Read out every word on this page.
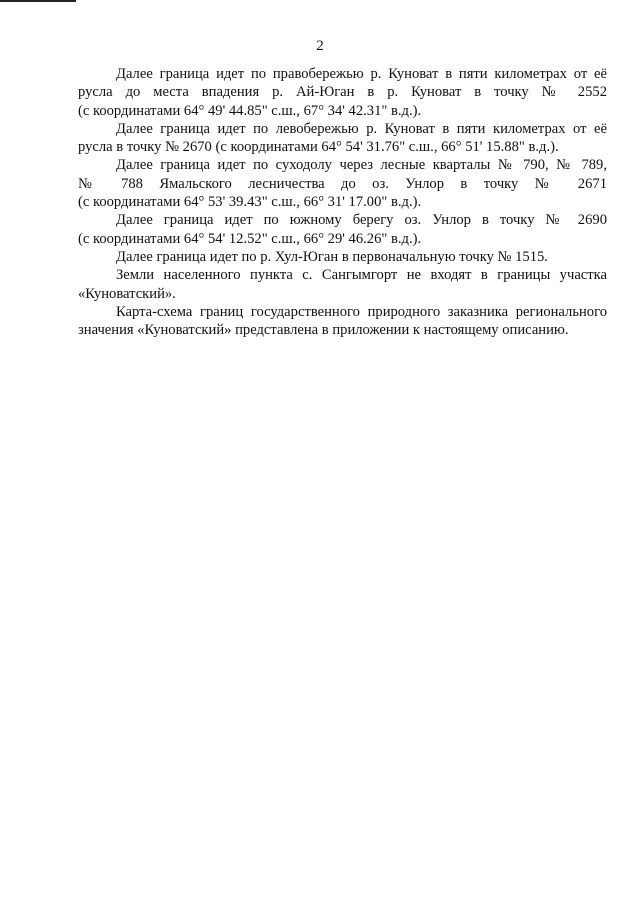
2

Далее граница идет по правобережью р. Куноват в пяти километрах от её
русла до места впадения р. Ай-Юган в р. Куноват в точку № 2552
(с координатами 64° 49' 44.85" с.ш., 67° 34' 42.31" в.д.).

Далее граница идет по левобережью р. Куноват в пяти километрах от её
русла в точку № 2670 (с координатами 64° 54' 31.76" с.ш., 66° 51' 15.88" в.д.).

Далее граница идет по суходолу через лесные кварталы № 790, № 789,
№ 788 Ямальского лесничества до оз. Унлор в точку № 2671
(с координатами 64° 53' 39.43" с.ш., 66° 31' 17.00" в.д.).

Далее граница идет по южному берегу оз. Унлор в точку № 2690
(с координатами 64° 54' 12.52" с.ш., 66° 29' 46.26" в.д.).

Далее граница идет по р. Хул-Юган в первоначальную точку № 1515.

Земли населенного пункта с. Сангымгорт не входят в границы участка
«Куноватский».

Карта-схема границ государственного природного заказника регионального
значения «Куноватский» представлена в приложении к настоящему описанию.
